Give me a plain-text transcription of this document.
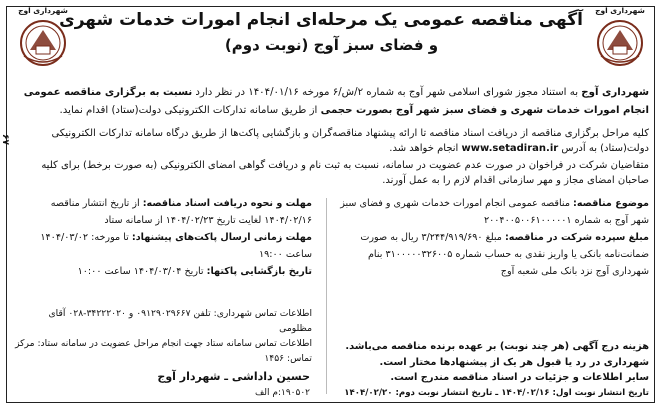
۶۷
شهرداری آوج
شهرداری آوج
آگهی مناقصه عمومی یک مرحله‌ای انجام امورات خدمات شهری
و فضای سبز آوج (نوبت دوم)
شهرداری آوج به استناد مجوز شورای اسلامی شهر آوج به شماره ۲/ش/۶ مورخه ۱۴۰۴/۰۱/۱۶ در نظر دارد نسبت به برگزاری مناقصه عمومی انجام امورات خدمات شهری و فضای سبز شهر آوج بصورت حجمی از طریق سامانه تدارکات الکترونیکی دولت(ستاد) اقدام نماید.
کلیه مراحل برگزاری مناقصه از دریافت اسناد مناقصه تا ارائه پیشنهاد مناقصه‌گران و بازگشایی پاکت‌ها از طریق درگاه سامانه تدارکات الکترونیکی دولت(ستاد) به آدرس www.setadiran.ir انجام خواهد شد.
متقاضیان شرکت در فراخوان در صورت عدم عضویت در سامانه، نسبت به ثبت نام و دریافت گواهی امضای الکترونیکی (به صورت برخط) برای کلیه صاحبان امضای مجاز و مهر سازمانی اقدام لازم را به عمل آورند.
موضوع مناقصه: مناقصه عمومی انجام امورات خدمات شهری و فضای سبز شهر آوج به شماره ۲۰۰۴۰۰۵۰۰۶۱۰۰۰۰۰۱
مبلغ سپرده شرکت در مناقصه: مبلغ ۳/۲۴۴/۹۱۹/۶۹۰ ریال به صورت ضمانت‌نامه بانکی یا واریز نقدی به حساب شماره ۳۱۰۰۰۰۰۳۲۶۰۰۵ بنام شهرداری آوج نزد بانک ملی شعبه آوج
مهلت و نحوه دریافت اسناد مناقصه: از تاریخ انتشار مناقصه ۱۴۰۴/۰۲/۱۶ لغایت تاریخ ۱۴۰۴/۰۲/۲۳ از سامانه ستاد
مهلت زمانی ارسال پاکت‌های پیشنهاد: تا مورخه: ۱۴۰۴/۰۳/۰۲ ساعت ۱۹:۰۰
تاریخ بازگشایی پاکتها: تاریخ ۱۴۰۴/۰۳/۰۴ ساعت ۱۰:۰۰
اطلاعات تماس شهرداری: تلفن ۰۹۱۲۹۰۲۹۶۶۷ و ۳۴۲۲۲۰۲۰-۰۲۸ آقای مظلومی
اطلاعات تماس سامانه ستاد جهت انجام مراحل عضویت در سامانه ستاد: مرکز تماس: ۱۴۵۶
هزینه درج آگهی (هر چند نوبت) بر عهده برنده مناقصه می‌باشد.
شهرداری در رد یا قبول هر یک از پیشنهادها مختار است.
سایر اطلاعات و جزئیات در اسناد مناقصه مندرج است.
حسین داداشی ـ شهردار آوج
۱۹۰۵۰۲:م الف	تاریخ انتشار نوبت اول: ۱۴۰۴/۰۲/۱۶ ـ تاریخ انتشار نوبت دوم: ۱۴۰۴/۰۲/۲۰
